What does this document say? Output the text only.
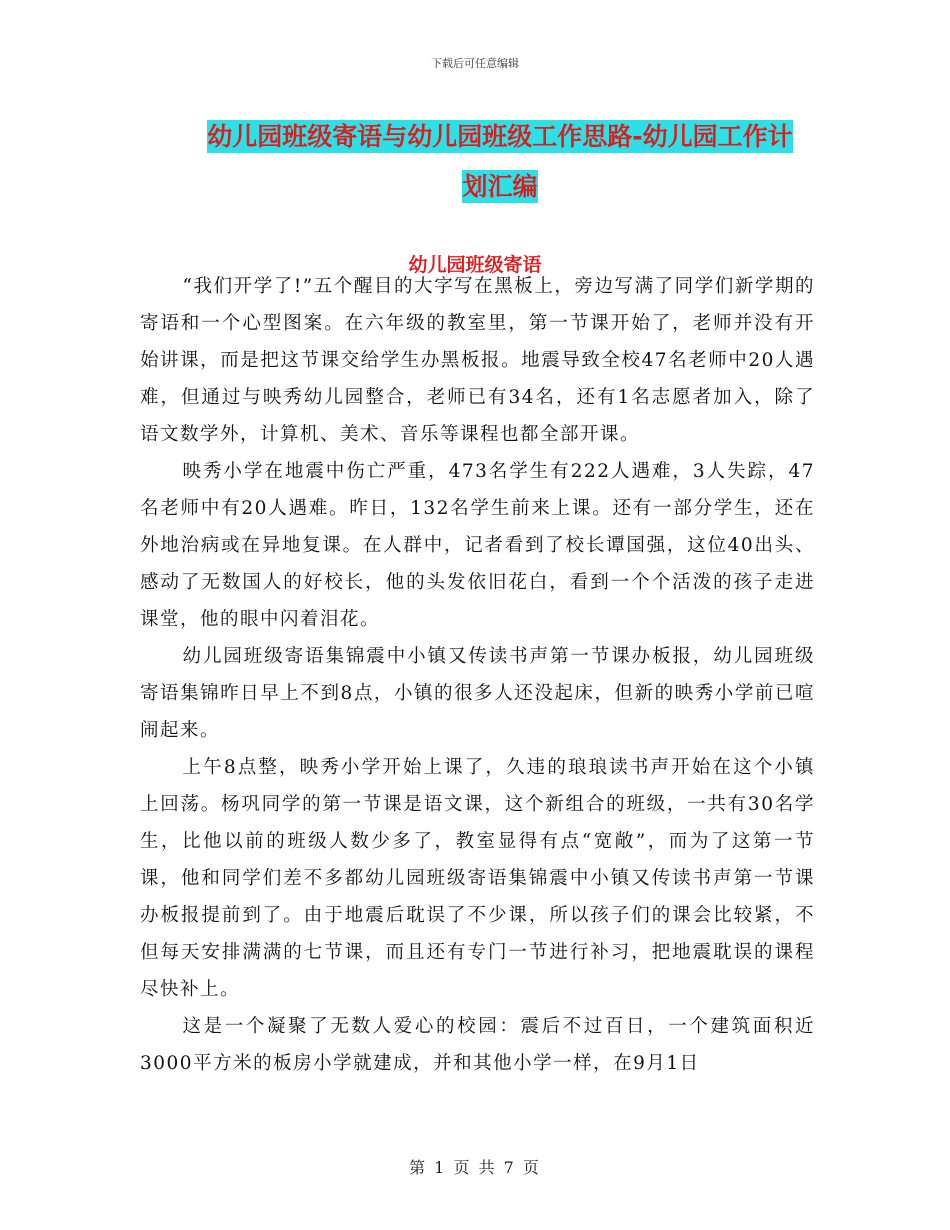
下载后可任意编辑
幼儿园班级寄语与幼儿园班级工作思路-幼儿园工作计
划汇编
幼儿园班级寄语

“我们开学了!”五个醒目的大字写在黑板上，旁边写满了同学们新学期的寄语和一个心型图案。在六年级的教室里，第一节课开始了，老师并没有开始讲课，而是把这节课交给学生办黑板报。地震导致全校47名老师中20人遇难，但通过与映秀幼儿园整合，老师已有34名，还有1名志愿者加入，除了语文数学外，计算机、美术、音乐等课程也都全部开课。

映秀小学在地震中伤亡严重，473名学生有222人遇难，3人失踪，47名老师中有20人遇难。昨日，132名学生前来上课。还有一部分学生，还在外地治病或在异地复课。在人群中，记者看到了校长谭国强，这位40出头、感动了无数国人的好校长，他的头发依旧花白，看到一个个活泼的孩子走进课堂，他的眼中闪着泪花。

幼儿园班级寄语集锦震中小镇又传读书声第一节课办板报，幼儿园班级寄语集锦昨日早上不到8点，小镇的很多人还没起床，但新的映秀小学前已喧闹起来。

上午8点整，映秀小学开始上课了，久违的琅琅读书声开始在这个小镇上回荡。杨巩同学的第一节课是语文课，这个新组合的班级，一共有30名学生，比他以前的班级人数少多了，教室显得有点“宽敞”，而为了这第一节课，他和同学们差不多都幼儿园班级寄语集锦震中小镇又传读书声第一节课办板报提前到了。由于地震后耽误了不少课，所以孩子们的课会比较紧，不但每天安排满满的七节课，而且还有专门一节进行补习，把地震耽误的课程尽快补上。

这是一个凝聚了无数人爱心的校园：震后不过百日，一个建筑面积近3000平方米的板房小学就建成，并和其他小学一样，在9月1日

第 1 页 共 7 页
